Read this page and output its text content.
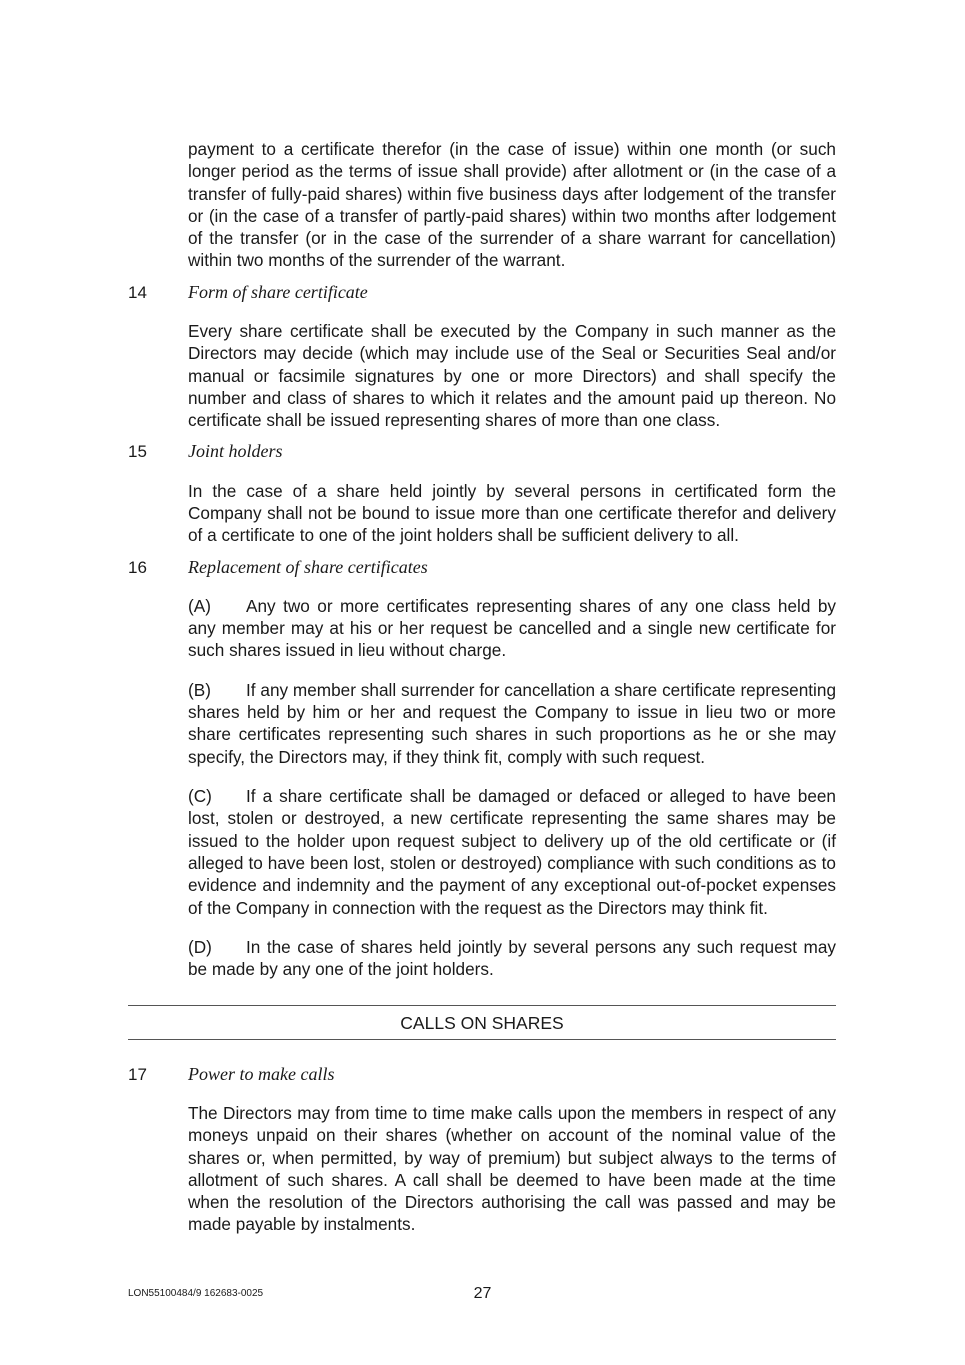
payment to a certificate therefor (in the case of issue) within one month (or such longer period as the terms of issue shall provide) after allotment or (in the case of a transfer of fully-paid shares) within five business days after lodgement of the transfer or (in the case of a transfer of partly-paid shares) within two months after lodgement of the transfer (or in the case of the surrender of a share warrant for cancellation) within two months of the surrender of the warrant.

14	Form of share certificate

Every share certificate shall be executed by the Company in such manner as the Directors may decide (which may include use of the Seal or Securities Seal and/or manual or facsimile signatures by one or more Directors) and shall specify the number and class of shares to which it relates and the amount paid up thereon. No certificate shall be issued representing shares of more than one class.

15	Joint holders

In the case of a share held jointly by several persons in certificated form the Company shall not be bound to issue more than one certificate therefor and delivery of a certificate to one of the joint holders shall be sufficient delivery to all.

16	Replacement of share certificates

(A) Any two or more certificates representing shares of any one class held by any member may at his or her request be cancelled and a single new certificate for such shares issued in lieu without charge.

(B) If any member shall surrender for cancellation a share certificate representing shares held by him or her and request the Company to issue in lieu two or more share certificates representing such shares in such proportions as he or she may specify, the Directors may, if they think fit, comply with such request.

(C) If a share certificate shall be damaged or defaced or alleged to have been lost, stolen or destroyed, a new certificate representing the same shares may be issued to the holder upon request subject to delivery up of the old certificate or (if alleged to have been lost, stolen or destroyed) compliance with such conditions as to evidence and indemnity and the payment of any exceptional out-of-pocket expenses of the Company in connection with the request as the Directors may think fit.

(D) In the case of shares held jointly by several persons any such request may be made by any one of the joint holders.

CALLS ON SHARES
17	Power to make calls

The Directors may from time to time make calls upon the members in respect of any moneys unpaid on their shares (whether on account of the nominal value of the shares or, when permitted, by way of premium) but subject always to the terms of allotment of such shares. A call shall be deemed to have been made at the time when the resolution of the Directors authorising the call was passed and may be made payable by instalments.

LON55100484/9 162683-0025	27
